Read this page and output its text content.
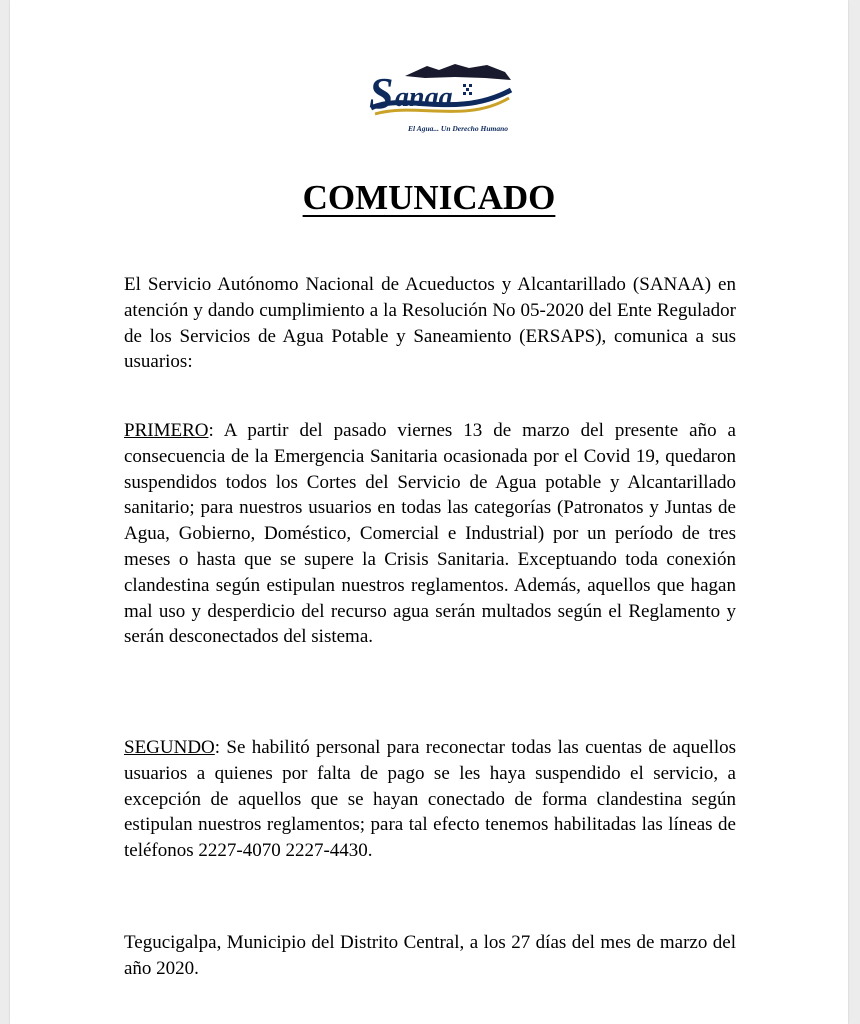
S anaa
El Agua... Un Derecho Humano
COMUNICADO

El Servicio Autónomo Nacional de Acueductos y Alcantarillado (SANAA) en atención y dando cumplimiento a la Resolución No 05-2020 del Ente Regulador de los Servicios de Agua Potable y Saneamiento (ERSAPS), comunica a sus usuarios:

PRIMERO: A partir del pasado viernes 13 de marzo del presente año a consecuencia de la Emergencia Sanitaria ocasionada por el Covid 19, quedaron suspendidos todos los Cortes del Servicio de Agua potable y Alcantarillado sanitario; para nuestros usuarios en todas las categorías (Patronatos y Juntas de Agua, Gobierno, Doméstico, Comercial e Industrial) por un período de tres meses o hasta que se supere la Crisis Sanitaria. Exceptuando toda conexión clandestina según estipulan nuestros reglamentos. Además, aquellos que hagan mal uso y desperdicio del recurso agua serán multados según el Reglamento y serán desconectados del sistema.

SEGUNDO: Se habilitó personal para reconectar todas las cuentas de aquellos usuarios a quienes por falta de pago se les haya suspendido el servicio, a excepción de aquellos que se hayan conectado de forma clandestina según estipulan nuestros reglamentos; para tal efecto tenemos habilitadas las líneas de teléfonos 2227-4070 2227-4430.

Tegucigalpa, Municipio del Distrito Central, a los 27 días del mes de marzo del año 2020.
